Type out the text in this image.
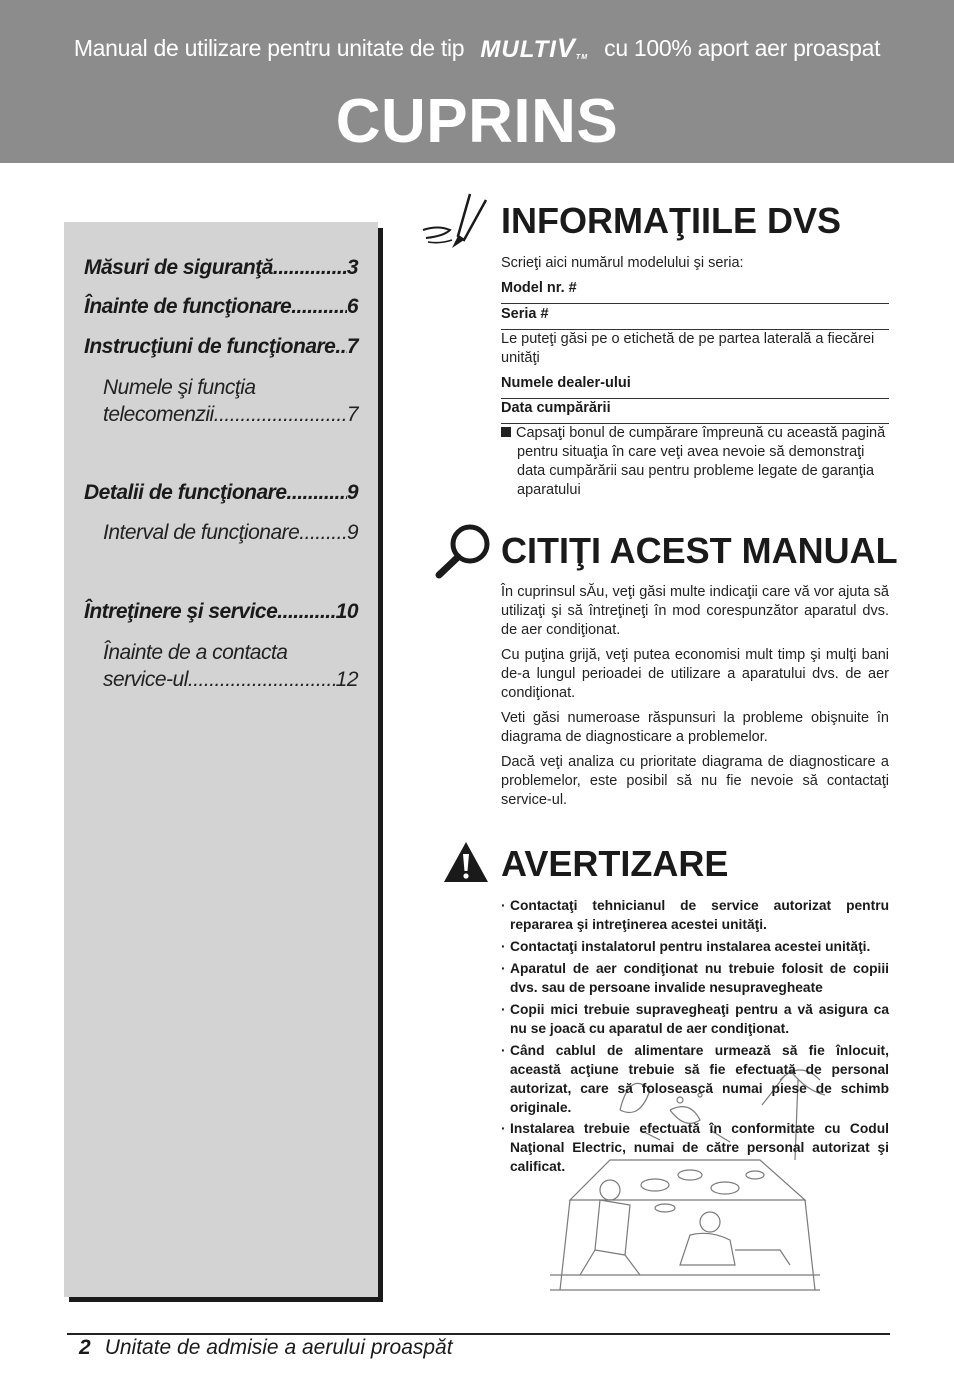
Manual de utilizare pentru unitate de tip MULTIVTM cu 100% aport aer proaspat
CUPRINS
Măsuri de siguranţă .....	3
Înainte de funcţionare .....	6
Instrucţiuni de funcţionare ..... 7
Numele şi funcţia
telecomenzii .....	7
Detalii de funcţionare .....	9
Interval de funcţionare ..... 9
Întreţinere şi service .....	10
Înainte de a contacta
service-ul .....	12
INFORMAŢIILE DVS
Scrieţi aici numărul modelului şi seria:
Model nr. #
Seria #
Le puteţi găsi pe o etichetă de pe partea laterală a fiecărei unităţi
Numele dealer-ului
Data cumpărării
Capsaţi bonul de cumpărare împreună cu această pagină pentru situaţia în care veţi avea nevoie să demonstraţi data cumpărării sau pentru probleme legate de garanţia aparatului
CITIŢI ACEST MANUAL
În cuprinsul sĂu, veţi găsi multe indicaţii care vă vor ajuta să utilizaţi şi să întreţineţi în mod corespunzător aparatul dvs. de aer condiţionat.
Cu puţina grijă, veţi putea economisi mult timp şi mulţi bani de-a lungul perioadei de utilizare a aparatului dvs. de aer condiţionat.
Veti găsi numeroase răspunsuri la probleme obişnuite în diagrama de diagnosticare a problemelor.
Dacă veţi analiza cu prioritate diagrama de diagnosticare a problemelor, este posibil să nu fie nevoie să contactaţi service-ul.
AVERTIZARE
· Contactaţi tehnicianul de service autorizat pentru repararea şi intreţinerea acestei unităţi.
· Contactaţi instalatorul pentru instalarea acestei unităţi.
· Aparatul de aer condiţionat nu trebuie folosit de copiii dvs. sau de persoane invalide nesupravegheate
· Copii mici trebuie supravegheaţi pentru a vă asigura ca nu se joacă cu aparatul de aer condiţionat.
· Când cablul de alimentare urmează să fie înlocuit, această acţiune trebuie să fie efectuată de personal autorizat, care să folosească numai piese de schimb originale.
· Instalarea trebuie efectuată în conformitate cu Codul Naţional Electric, numai de către personal autorizat şi calificat.
2 Unitate de admisie a aerului proaspăt
